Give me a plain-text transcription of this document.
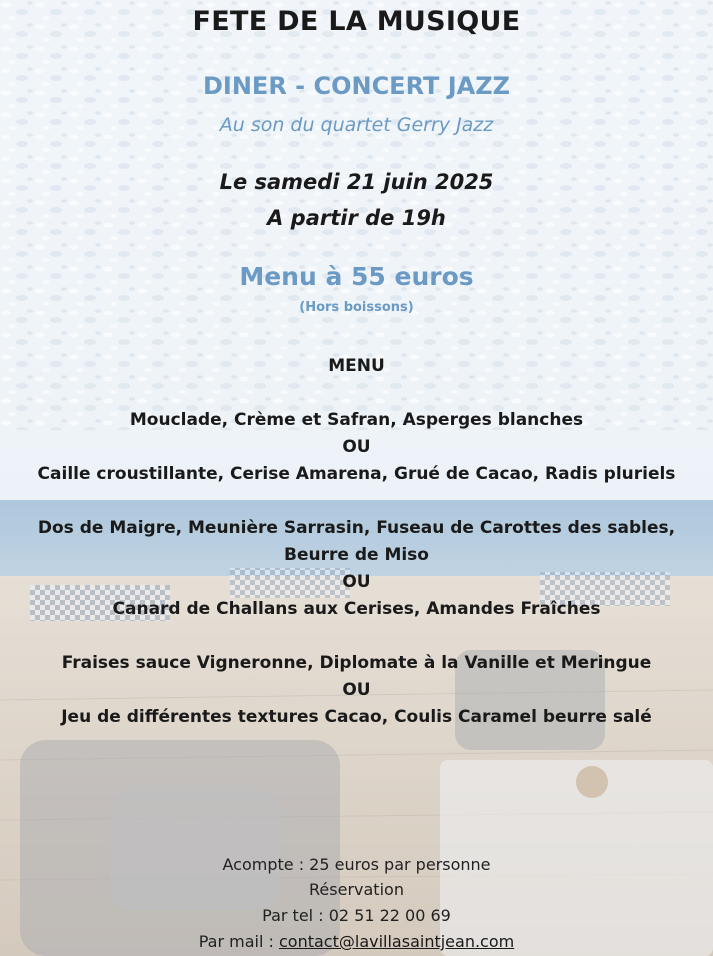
FETE DE LA MUSIQUE
DINER - CONCERT JAZZ
Au son du quartet Gerry Jazz
Le samedi 21 juin 2025
A partir de 19h
Menu à 55 euros
(Hors boissons)
MENU
Mouclade, Crème et Safran, Asperges blanches
OU
Caille croustillante, Cerise Amarena, Grué de Cacao, Radis pluriels
Dos de Maigre, Meunière Sarrasin, Fuseau de Carottes des sables,
Beurre de Miso
OU
Canard de Challans aux Cerises, Amandes Fraîches
Fraises sauce Vigneronne, Diplomate à la Vanille et Meringue
OU
Jeu de différentes textures Cacao, Coulis Caramel beurre salé
Acompte : 25 euros par personne
Réservation
Par tel : 02 51 22 00 69
Par mail : contact@lavillasaintjean.com
